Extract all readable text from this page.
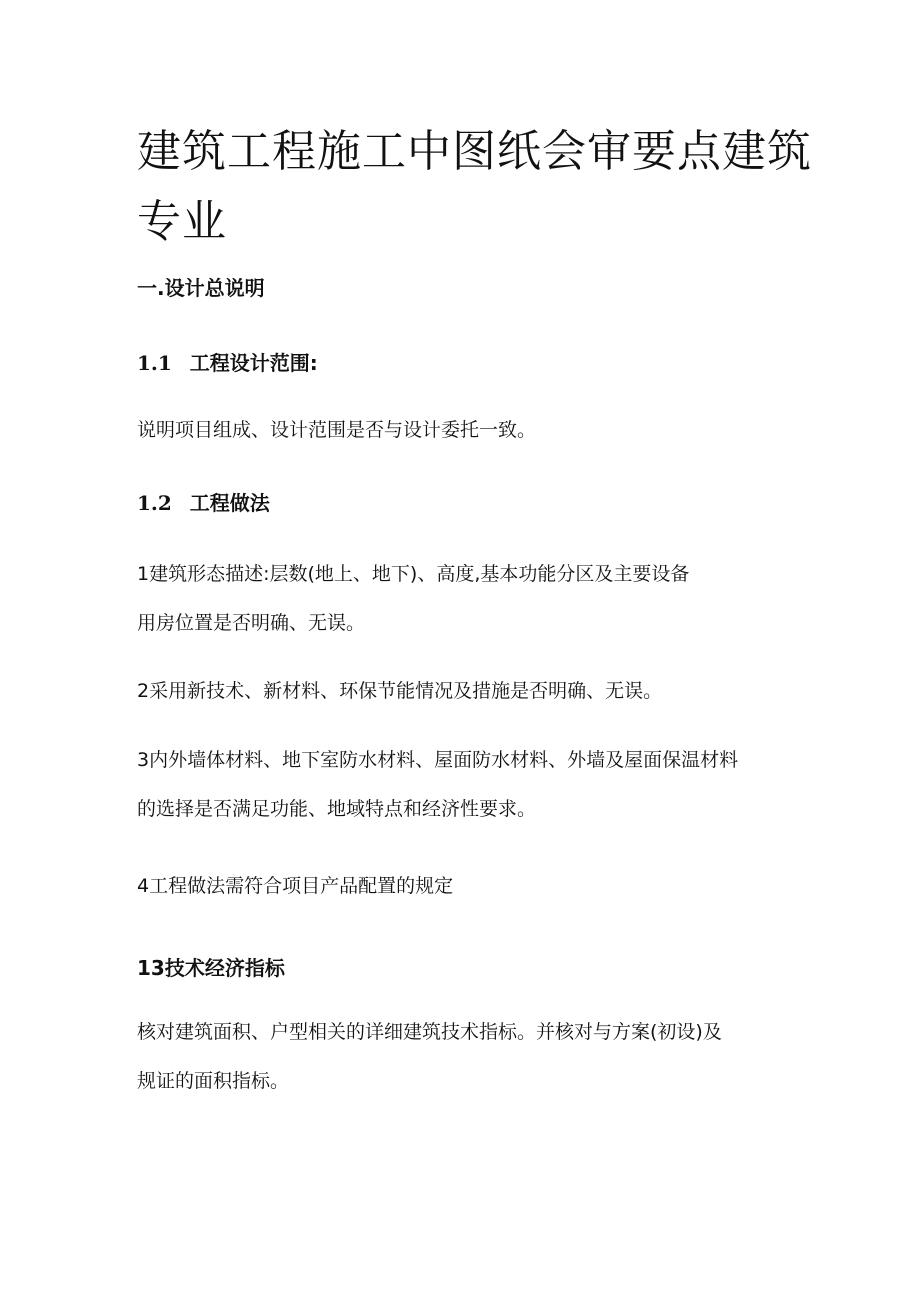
建筑工程施工中图纸会审要点建筑
专业
一.设计总说明
1.1 工程设计范围:

说明项目组成、设计范围是否与设计委托一致。

1.2 工程做法

1建筑形态描述:层数(地上、地下)、高度,基本功能分区及主要设备

用房位置是否明确、无误。

2采用新技术、新材料、环保节能情况及措施是否明确、无误。

3内外墙体材料、地下室防水材料、屋面防水材料、外墙及屋面保温材料

的选择是否满足功能、地域特点和经济性要求。

4工程做法需符合项目产品配置的规定

13技术经济指标

核对建筑面积、户型相关的详细建筑技术指标。并核对与方案(初设)及

规证的面积指标。
